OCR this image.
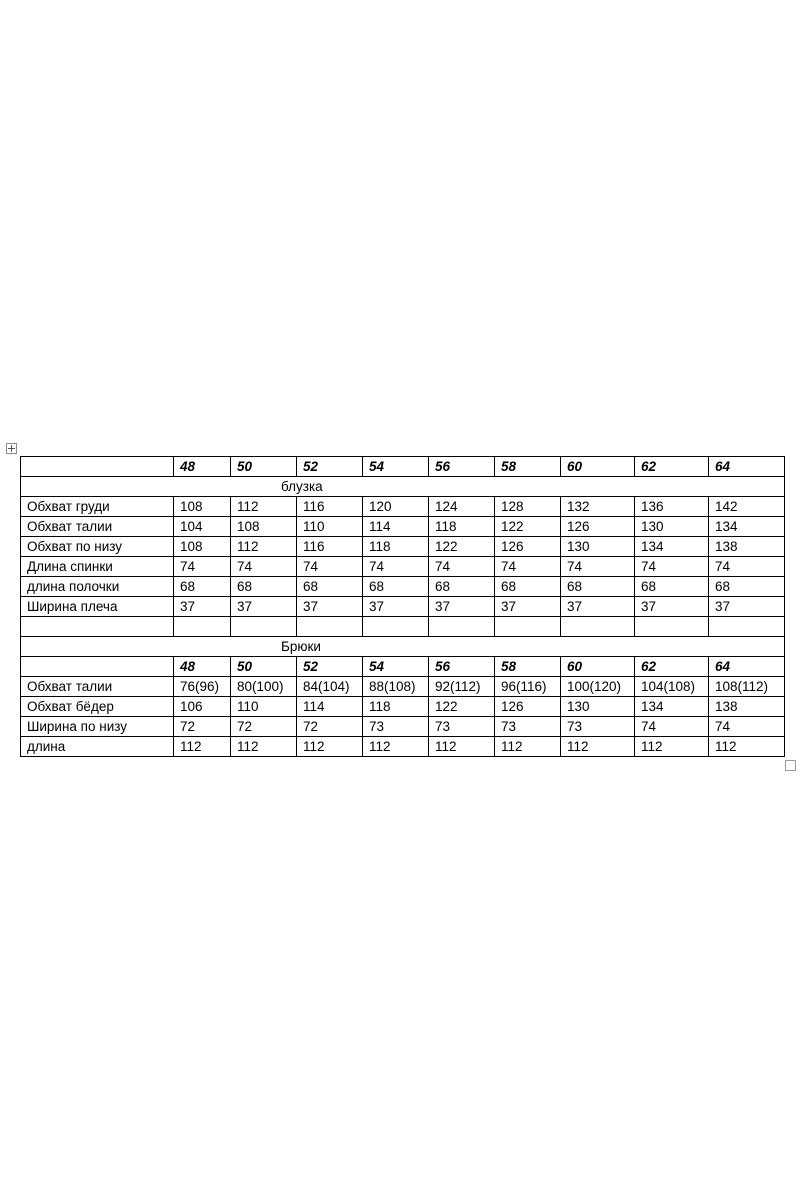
	48	50	52	54	56	58	60	62	64
блузка									
Обхват груди	108	112	116	120	124	128	132	136	142
Обхват талии	104	108	110	114	118	122	126	130	134
Обхват по низу	108	112	116	118	122	126	130	134	138
Длина спинки	74	74	74	74	74	74	74	74	74
длина полочки	68	68	68	68	68	68	68	68	68
Ширина плеча	37	37	37	37	37	37	37	37	37

Брюки									
	48	50	52	54	56	58	60	62	64
Обхват талии	76(96)	80(100)	84(104)	88(108)	92(112)	96(116)	100(120)	104(108)	108(112)
Обхват бёдер	106	110	114	118	122	126	130	134	138
Ширина по низу	72	72	72	73	73	73	73	74	74
длина	112	112	112	112	112	112	112	112	112
